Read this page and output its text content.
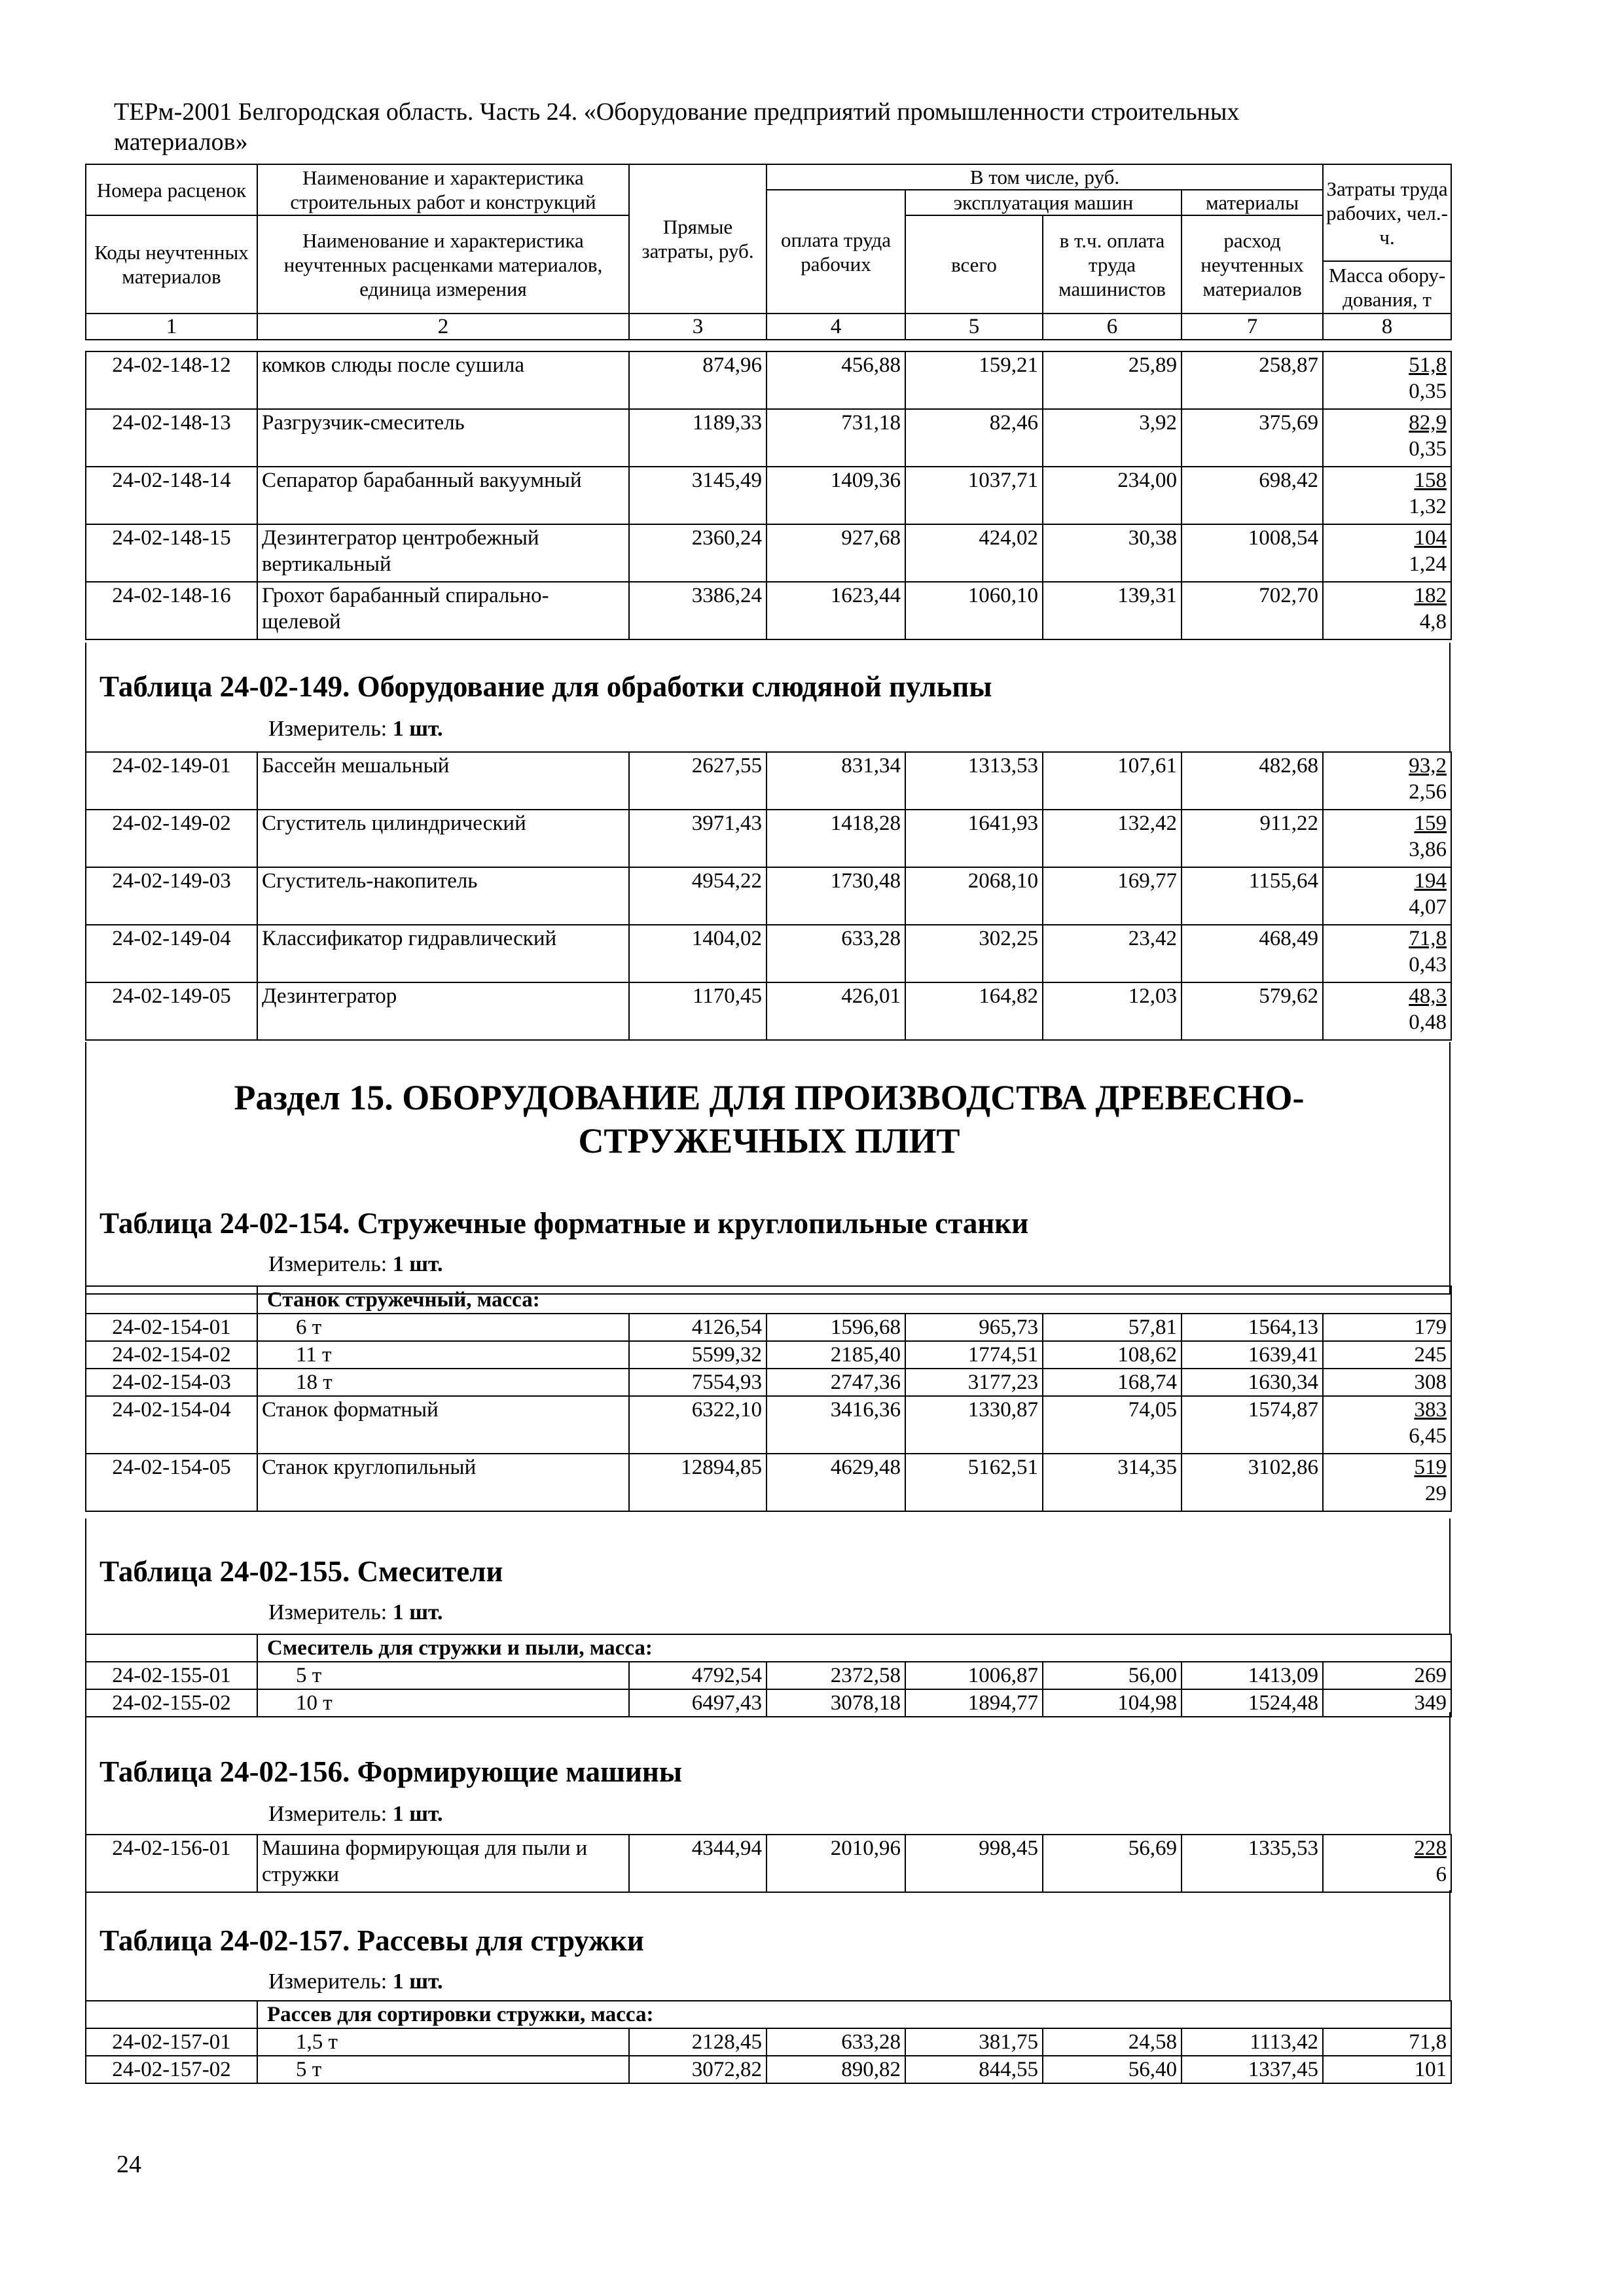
ТЕРм-2001 Белгородская область. Часть 24. «Оборудование предприятий промышленности строительных
материалов»
Номера расценок	Наименование и характеристика строительных работ и конструкций	Прямые затраты, руб.	В том числе, руб.				Затраты труда рабочих, чел.-ч.
			оплата труда рабочих	эксплуатация машин		материалы	
Коды неучтенных материалов	Наименование и характеристика неучтенных расценками материалов, единица измерения			всего	в т.ч. оплата труда машинистов	расход неучтенных материалов	
							Масса обору-дования, т
1	2	3	4	5	6	7	8
24-02-148-12	комков слюды после сушила	874,96	456,88	159,21	25,89	258,87	51,8
0,35

24-02-148-13	Разгрузчик-смеситель	1189,33	731,18	82,46	3,92	375,69	82,9
0,35

24-02-148-14	Сепаратор барабанный вакуумный	3145,49	1409,36	1037,71	234,00	698,42	158
1,32

24-02-148-15	Дезинтегратор центробежный вертикальный	2360,24	927,68	424,02	30,38	1008,54	104
1,24

24-02-148-16	Грохот барабанный спирально-щелевой	3386,24	1623,44	1060,10	139,31	702,70	182
4,8
Таблица 24-02-149. Оборудование для обработки слюдяной пульпы
Измеритель: 1 шт.
24-02-149-01	Бассейн мешальный	2627,55	831,34	1313,53	107,61	482,68	93,2
2,56

24-02-149-02	Сгуститель цилиндрический	3971,43	1418,28	1641,93	132,42	911,22	159
3,86

24-02-149-03	Сгуститель-накопитель	4954,22	1730,48	2068,10	169,77	1155,64	194
4,07

24-02-149-04	Классификатор гидравлический	1404,02	633,28	302,25	23,42	468,49	71,8
0,43

24-02-149-05	Дезинтегратор	1170,45	426,01	164,82	12,03	579,62	48,3
0,48
Раздел 15. ОБОРУДОВАНИЕ ДЛЯ ПРОИЗВОДСТВА ДРЕВЕСНО-
СТРУЖЕЧНЫХ ПЛИТ
Таблица 24-02-154. Стружечные форматные и круглопильные станки
Измеритель: 1 шт.
	Станок стружечный, масса:						
24-02-154-01	6 т	4126,54	1596,68	965,73	57,81	1564,13	179
24-02-154-02	11 т	5599,32	2185,40	1774,51	108,62	1639,41	245
24-02-154-03	18 т	7554,93	2747,36	3177,23	168,74	1630,34	308
24-02-154-04	Станок форматный	6322,10	3416,36	1330,87	74,05	1574,87	383
6,45

24-02-154-05	Станок круглопильный	12894,85	4629,48	5162,51	314,35	3102,86	519
29
Таблица 24-02-155. Смесители
Измеритель: 1 шт.
	Смеситель для стружки и пыли, масса:						
24-02-155-01	5 т	4792,54	2372,58	1006,87	56,00	1413,09	269
24-02-155-02	10 т	6497,43	3078,18	1894,77	104,98	1524,48	349
Таблица 24-02-156. Формирующие машины
Измеритель: 1 шт.
24-02-156-01	Машина формирующая для пыли и стружки	4344,94	2010,96	998,45	56,69	1335,53	228
6
Таблица 24-02-157. Рассевы для стружки
Измеритель: 1 шт.
	Рассев для сортировки стружки, масса:						
24-02-157-01	1,5 т	2128,45	633,28	381,75	24,58	1113,42	71,8
24-02-157-02	5 т	3072,82	890,82	844,55	56,40	1337,45	101
24
